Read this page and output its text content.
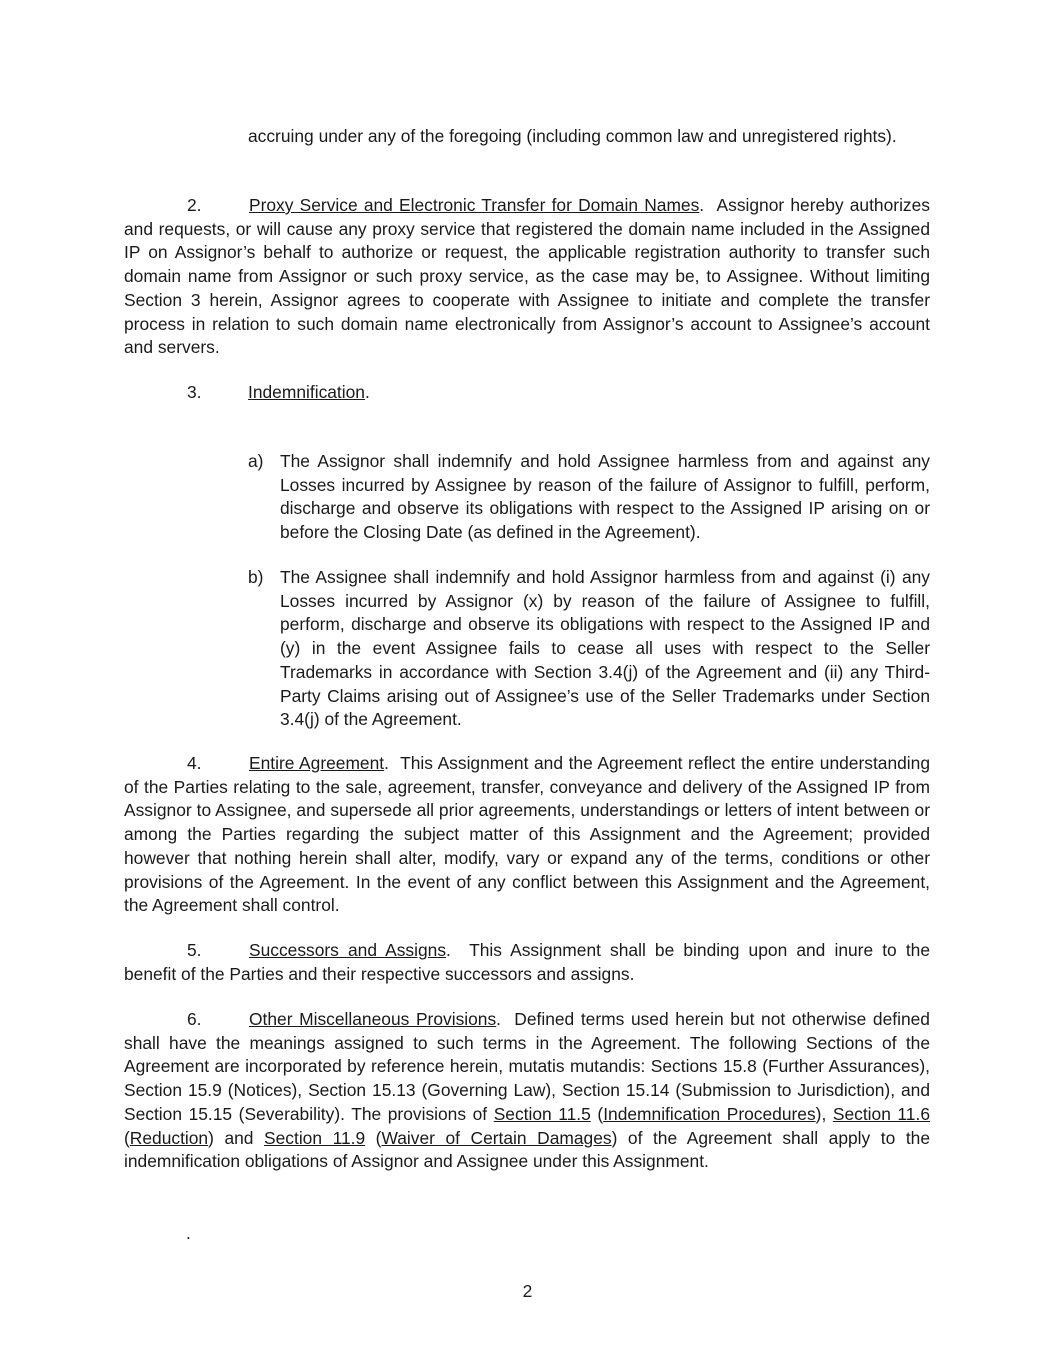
accruing under any of the foregoing (including common law and unregistered rights).
2.	Proxy Service and Electronic Transfer for Domain Names.  Assignor hereby authorizes and requests, or will cause any proxy service that registered the domain name included in the Assigned IP on Assignor’s behalf to authorize or request, the applicable registration authority to transfer such domain name from Assignor or such proxy service, as the case may be, to Assignee. Without limiting Section 3 herein, Assignor agrees to cooperate with Assignee to initiate and complete the transfer process in relation to such domain name electronically from Assignor’s account to Assignee’s account and servers.
3.	Indemnification.
a) The Assignor shall indemnify and hold Assignee harmless from and against any Losses incurred by Assignee by reason of the failure of Assignor to fulfill, perform, discharge and observe its obligations with respect to the Assigned IP arising on or before the Closing Date (as defined in the Agreement).
b) The Assignee shall indemnify and hold Assignor harmless from and against (i) any Losses incurred by Assignor (x) by reason of the failure of Assignee to fulfill, perform, discharge and observe its obligations with respect to the Assigned IP and (y) in the event Assignee fails to cease all uses with respect to the Seller Trademarks in accordance with Section 3.4(j) of the Agreement and (ii) any Third-Party Claims arising out of Assignee’s use of the Seller Trademarks under Section 3.4(j) of the Agreement.
4.	Entire Agreement.  This Assignment and the Agreement reflect the entire understanding of the Parties relating to the sale, agreement, transfer, conveyance and delivery of the Assigned IP from Assignor to Assignee, and supersede all prior agreements, understandings or letters of intent between or among the Parties regarding the subject matter of this Assignment and the Agreement; provided however that nothing herein shall alter, modify, vary or expand any of the terms, conditions or other provisions of the Agreement. In the event of any conflict between this Assignment and the Agreement, the Agreement shall control.
5.	Successors and Assigns.  This Assignment shall be binding upon and inure to the benefit of the Parties and their respective successors and assigns.
6.	Other Miscellaneous Provisions.  Defined terms used herein but not otherwise defined shall have the meanings assigned to such terms in the Agreement. The following Sections of the Agreement are incorporated by reference herein, mutatis mutandis: Sections 15.8 (Further Assurances), Section 15.9 (Notices), Section 15.13 (Governing Law), Section 15.14 (Submission to Jurisdiction), and Section 15.15 (Severability). The provisions of Section 11.5 (Indemnification Procedures), Section 11.6 (Reduction) and Section 11.9 (Waiver of Certain Damages) of the Agreement shall apply to the indemnification obligations of Assignor and Assignee under this Assignment.
.
2
